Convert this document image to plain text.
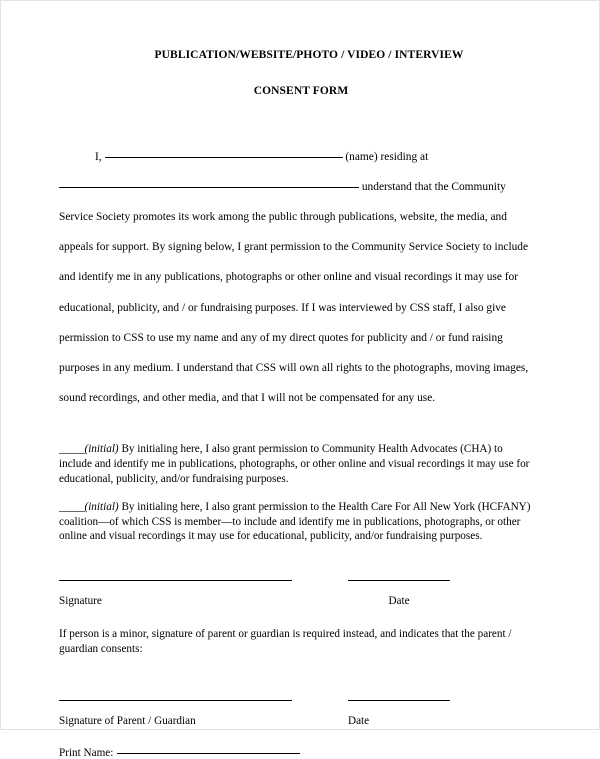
PUBLICATION/WEBSITE/PHOTO / VIDEO / INTERVIEW
CONSENT FORM
I,	(name) residing at
understand that the Community
Service Society promotes its work among the public through publications, website, the media, and
appeals for support. By signing below, I grant permission to the Community Service Society to include
and identify me in any publications, photographs or other online and visual recordings it may use for
educational, publicity, and / or fundraising purposes. If I was interviewed by CSS staff, I also give
permission to CSS to use my name and any of my direct quotes for publicity and / or fund raising
purposes in any medium. I understand that CSS will own all rights to the photographs, moving images,
sound recordings, and other media, and that I will not be compensated for any use.
_____(initial) By initialing here, I also grant permission to Community Health Advocates (CHA) to include and identify me in publications, photographs, or other online and visual recordings it may use for educational, publicity, and/or fundraising purposes.
_____(initial) By initialing here, I also grant permission to the Health Care For All New York (HCFANY) coalition—of which CSS is member—to include and identify me in publications, photographs, or other online and visual recordings it may use for educational, publicity, and/or fundraising purposes.
Signature	Date
If person is a minor, signature of parent or guardian is required instead, and indicates that the parent / guardian consents:
Signature of Parent / Guardian	Date
Print Name:
